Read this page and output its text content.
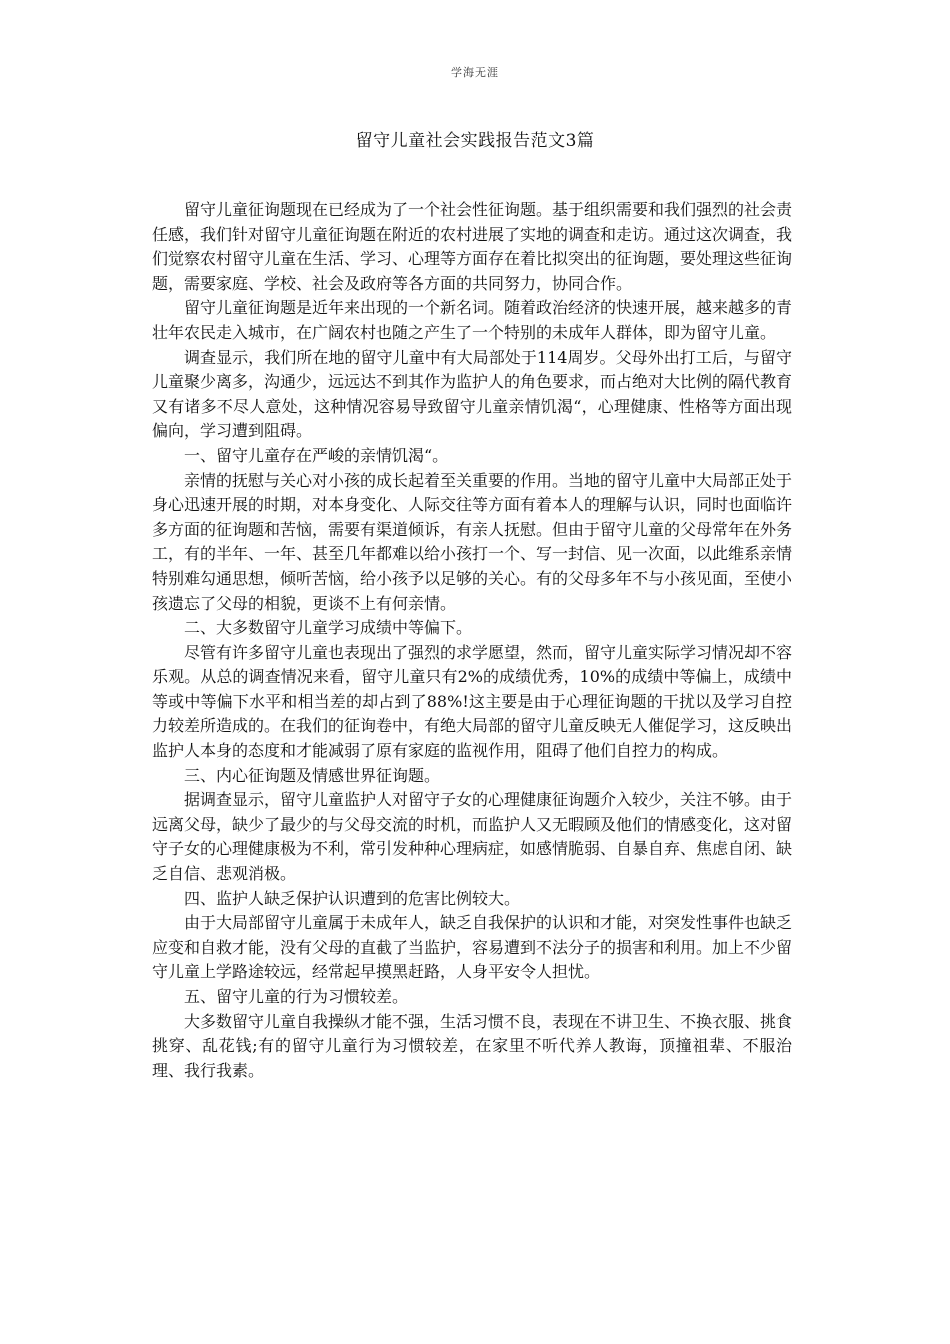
学海无涯
留守儿童社会实践报告范文3篇

留守儿童征询题现在已经成为了一个社会性征询题。基于组织需要和我们强烈的社会责任感，我们针对留守儿童征询题在附近的农村进展了实地的调查和走访。通过这次调查，我们觉察农村留守儿童在生活、学习、心理等方面存在着比拟突出的征询题，要处理这些征询题，需要家庭、学校、社会及政府等各方面的共同努力，协同合作。

留守儿童征询题是近年来出现的一个新名词。随着政治经济的快速开展，越来越多的青壮年农民走入城市，在广阔农村也随之产生了一个特别的未成年人群体，即为留守儿童。

调查显示，我们所在地的留守儿童中有大局部处于114周岁。父母外出打工后，与留守儿童聚少离多，沟通少，远远达不到其作为监护人的角色要求，而占绝对大比例的隔代教育又有诸多不尽人意处，这种情况容易导致留守儿童亲情饥渴“，心理健康、性格等方面出现偏向，学习遭到阻碍。

一、留守儿童存在严峻的亲情饥渴“。

亲情的抚慰与关心对小孩的成长起着至关重要的作用。当地的留守儿童中大局部正处于身心迅速开展的时期，对本身变化、人际交往等方面有着本人的理解与认识，同时也面临许多方面的征询题和苦恼，需要有渠道倾诉，有亲人抚慰。但由于留守儿童的父母常年在外务工，有的半年、一年、甚至几年都难以给小孩打一个、写一封信、见一次面，以此维系亲情特别难勾通思想，倾听苦恼，给小孩予以足够的关心。有的父母多年不与小孩见面，至使小孩遗忘了父母的相貌，更谈不上有何亲情。

二、大多数留守儿童学习成绩中等偏下。

尽管有许多留守儿童也表现出了强烈的求学愿望，然而，留守儿童实际学习情况却不容乐观。从总的调查情况来看，留守儿童只有2%的成绩优秀，10%的成绩中等偏上，成绩中等或中等偏下水平和相当差的却占到了88%!这主要是由于心理征询题的干扰以及学习自控力较差所造成的。在我们的征询卷中，有绝大局部的留守儿童反映无人催促学习，这反映出监护人本身的态度和才能减弱了原有家庭的监视作用，阻碍了他们自控力的构成。

三、内心征询题及情感世界征询题。

据调查显示，留守儿童监护人对留守子女的心理健康征询题介入较少，关注不够。由于远离父母，缺少了最少的与父母交流的时机，而监护人又无暇顾及他们的情感变化，这对留守子女的心理健康极为不利，常引发种种心理病症，如感情脆弱、自暴自弃、焦虑自闭、缺乏自信、悲观消极。

四、监护人缺乏保护认识遭到的危害比例较大。

由于大局部留守儿童属于未成年人，缺乏自我保护的认识和才能，对突发性事件也缺乏应变和自救才能，没有父母的直截了当监护，容易遭到不法分子的损害和利用。加上不少留守儿童上学路途较远，经常起早摸黑赶路，人身平安令人担忧。

五、留守儿童的行为习惯较差。

大多数留守儿童自我操纵才能不强，生活习惯不良，表现在不讲卫生、不换衣服、挑食挑穿、乱花钱;有的留守儿童行为习惯较差，在家里不听代养人教诲，顶撞祖辈、不服治理、我行我素。
